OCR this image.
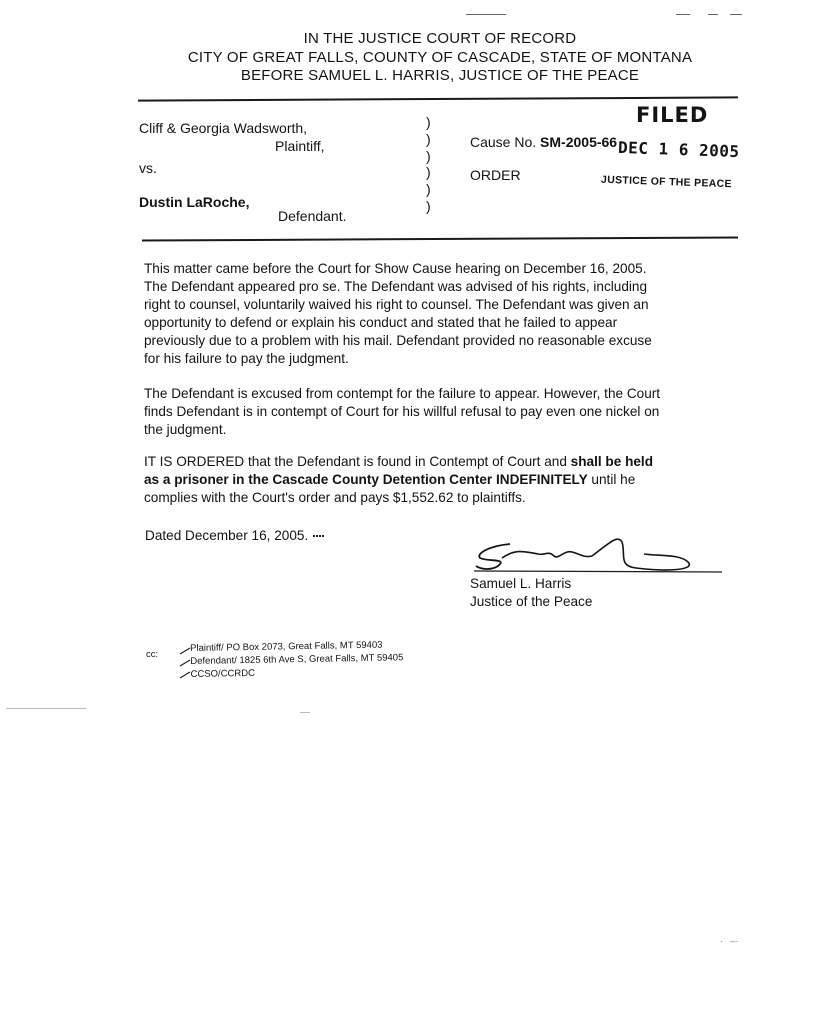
IN THE JUSTICE COURT OF RECORD
CITY OF GREAT FALLS, COUNTY OF CASCADE, STATE OF MONTANA
BEFORE SAMUEL L. HARRIS, JUSTICE OF THE PEACE
FILED
Cliff & Georgia Wadsworth,
Plaintiff,
vs.
Dustin LaRoche,
Defendant.
)
)
)
)
)
)
Cause No. SM-2005-66 DEC 1 6 2005
ORDER	JUSTICE OF THE PEACE
This matter came before the Court for Show Cause hearing on December 16, 2005.
The Defendant appeared pro se. The Defendant was advised of his rights, including
right to counsel, voluntarily waived his right to counsel. The Defendant was given an
opportunity to defend or explain his conduct and stated that he failed to appear
previously due to a problem with his mail. Defendant provided no reasonable excuse
for his failure to pay the judgment.
The Defendant is excused from contempt for the failure to appear. However, the Court
finds Defendant is in contempt of Court for his willful refusal to pay even one nickel on
the judgment.
IT IS ORDERED that the Defendant is found in Contempt of Court and shall be held
as a prisoner in the Cascade County Detention Center INDEFINITELY until he
complies with the Court's order and pays $1,552.62 to plaintiffs.
Dated December 16, 2005.
Samuel L. Harris
Justice of the Peace
cc:
Plaintiff/ PO Box 2073, Great Falls, MT 59403
Defendant/ 1825 6th Ave S, Great Falls, MT 59405
CCSO/CCRDC
·   –·
